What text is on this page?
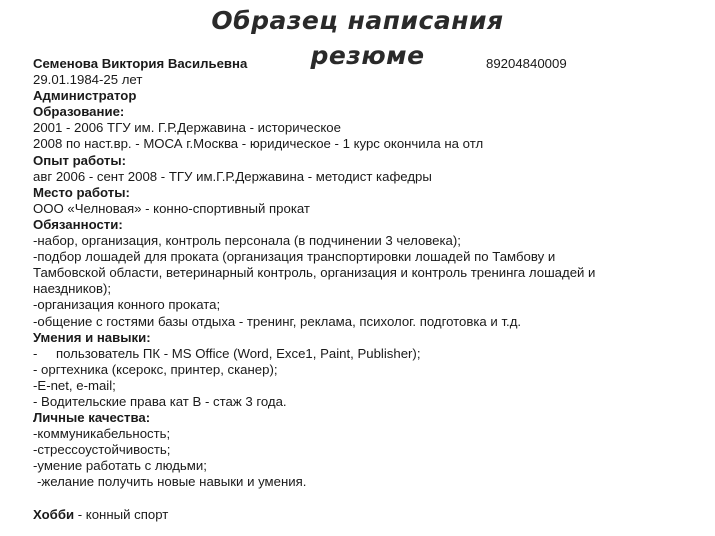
Образец написания
резюме	89204840009
Семенова Виктория Васильевна
29.01.1984-25 лет
Администратор
Образование:
2001 - 2006 ТГУ им. Г.Р.Державина - историческое
2008 по наст.вр. - МОСА г.Москва - юридическое - 1 курс окончила на отл
Опыт работы:
авг 2006 - сент 2008 - ТГУ им.Г.Р.Державина - методист кафедры
Место работы:
ООО «Челновая» - конно-спортивный прокат
Обязанности:
-набор, организация, контроль персонала (в подчинении 3 человека);
-подбор лошадей для проката (организация транспортировки лошадей по Тамбову и
Тамбовской области, ветеринарный контроль, организация и контроль тренинга лошадей и
наездников);
-организация конного проката;
-общение с гостями базы отдыха - тренинг, реклама, психолог. подготовка и т.д.
Умения и навыки:
-	пользователь ПК - MS Office (Word, Exce1, Paint, Publisher);
- оргтехника (ксерокс, принтер, сканер);
-E-net, e-mail;
- Водительские права кат В - стаж 3 года.
Личные качества:
-коммуникабельность;
-стрессоустойчивость;
-умение работать с людьми;
-желание получить новые навыки и умения.
Хобби - конный спорт
